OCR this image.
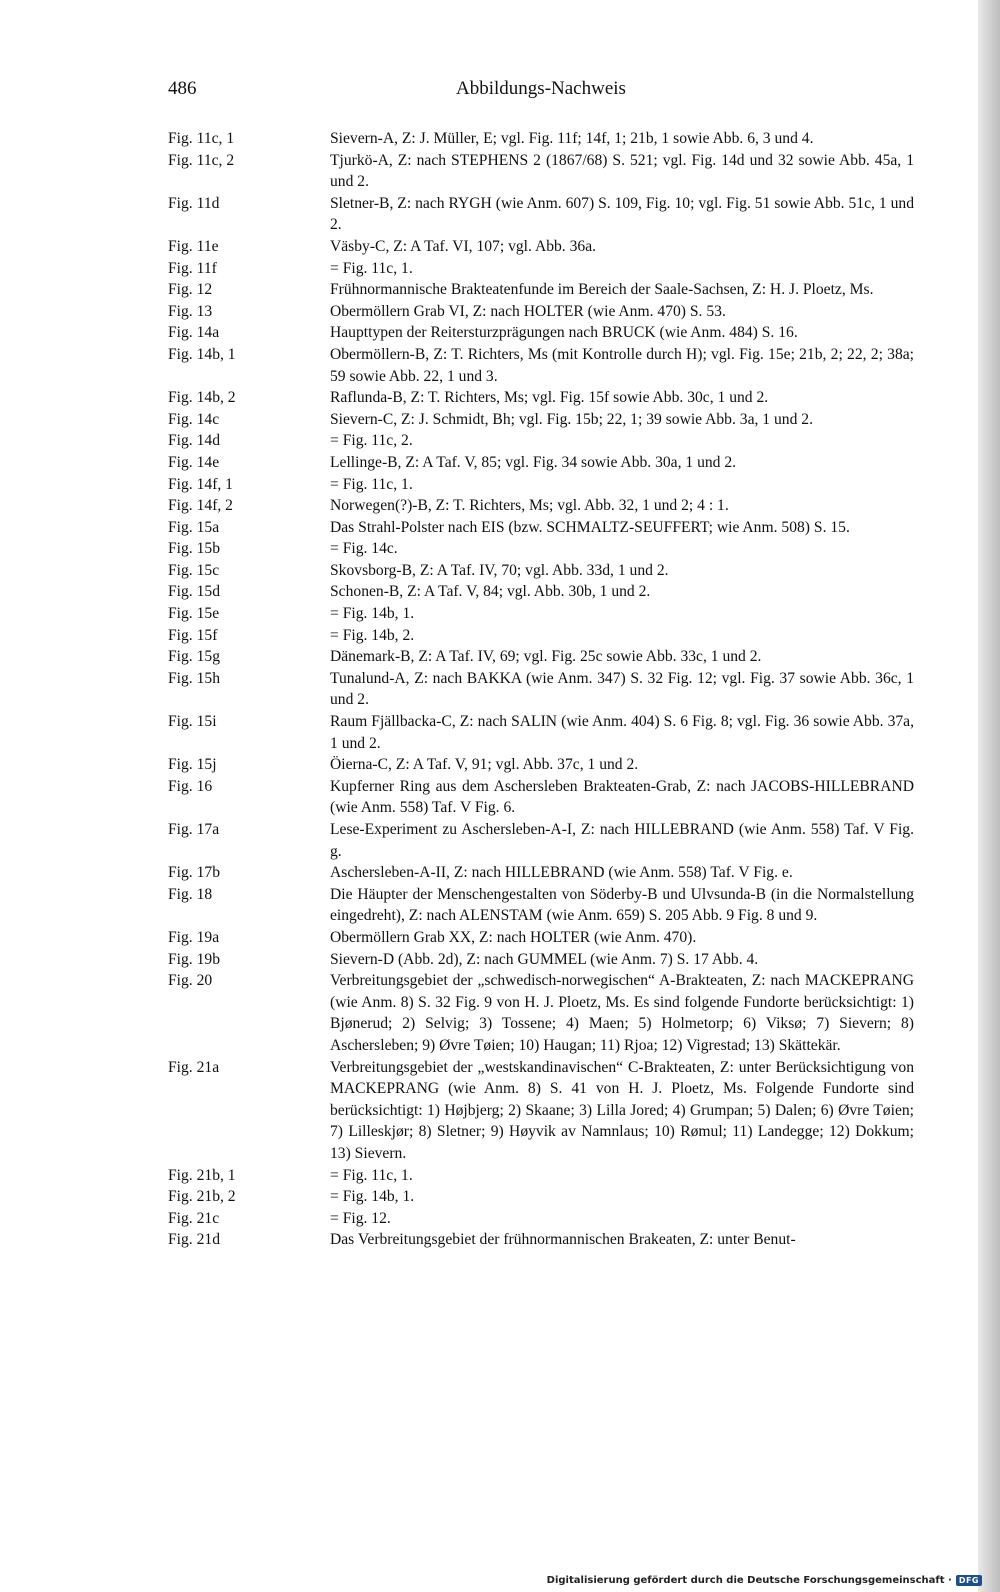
486	Abbildungs-Nachweis
Fig. 11c, 1	Sievern-A, Z: J. Müller, E; vgl. Fig. 11f; 14f, 1; 21b, 1 sowie Abb. 6, 3 und 4.
Fig. 11c, 2	Tjurkö-A, Z: nach STEPHENS 2 (1867/68) S. 521; vgl. Fig. 14d und 32 sowie Abb. 45a, 1 und 2.
Fig. 11d	Sletner-B, Z: nach RYGH (wie Anm. 607) S. 109, Fig. 10; vgl. Fig. 51 sowie Abb. 51c, 1 und 2.
Fig. 11e	Väsby-C, Z: A Taf. VI, 107; vgl. Abb. 36a.
Fig. 11f	= Fig. 11c, 1.
Fig. 12	Frühnormannische Brakteatenfunde im Bereich der Saale-Sachsen, Z: H. J. Ploetz, Ms.
Fig. 13	Obermöllern Grab VI, Z: nach HOLTER (wie Anm. 470) S. 53.
Fig. 14a	Haupttypen der Reitersturzprägungen nach BRUCK (wie Anm. 484) S. 16.
Fig. 14b, 1	Obermöllern-B, Z: T. Richters, Ms (mit Kontrolle durch H); vgl. Fig. 15e; 21b, 2; 22, 2; 38a; 59 sowie Abb. 22, 1 und 3.
Fig. 14b, 2	Raflunda-B, Z: T. Richters, Ms; vgl. Fig. 15f sowie Abb. 30c, 1 und 2.
Fig. 14c	Sievern-C, Z: J. Schmidt, Bh; vgl. Fig. 15b; 22, 1; 39 sowie Abb. 3a, 1 und 2.
Fig. 14d	= Fig. 11c, 2.
Fig. 14e	Lellinge-B, Z: A Taf. V, 85; vgl. Fig. 34 sowie Abb. 30a, 1 und 2.
Fig. 14f, 1	= Fig. 11c, 1.
Fig. 14f, 2	Norwegen(?)-B, Z: T. Richters, Ms; vgl. Abb. 32, 1 und 2; 4 : 1.
Fig. 15a	Das Strahl-Polster nach EIS (bzw. SCHMALTZ-SEUFFERT; wie Anm. 508) S. 15.
Fig. 15b	= Fig. 14c.
Fig. 15c	Skovsborg-B, Z: A Taf. IV, 70; vgl. Abb. 33d, 1 und 2.
Fig. 15d	Schonen-B, Z: A Taf. V, 84; vgl. Abb. 30b, 1 und 2.
Fig. 15e	= Fig. 14b, 1.
Fig. 15f	= Fig. 14b, 2.
Fig. 15g	Dänemark-B, Z: A Taf. IV, 69; vgl. Fig. 25c sowie Abb. 33c, 1 und 2.
Fig. 15h	Tunalund-A, Z: nach BAKKA (wie Anm. 347) S. 32 Fig. 12; vgl. Fig. 37 sowie Abb. 36c, 1 und 2.
Fig. 15i	Raum Fjällbacka-C, Z: nach SALIN (wie Anm. 404) S. 6 Fig. 8; vgl. Fig. 36 sowie Abb. 37a, 1 und 2.
Fig. 15j	Öierna-C, Z: A Taf. V, 91; vgl. Abb. 37c, 1 und 2.
Fig. 16	Kupferner Ring aus dem Aschersleben Brakteaten-Grab, Z: nach JACOBS-HILLEBRAND (wie Anm. 558) Taf. V Fig. 6.
Fig. 17a	Lese-Experiment zu Aschersleben-A-I, Z: nach HILLEBRAND (wie Anm. 558) Taf. V Fig. g.
Fig. 17b	Aschersleben-A-II, Z: nach HILLEBRAND (wie Anm. 558) Taf. V Fig. e.
Fig. 18	Die Häupter der Menschengestalten von Söderby-B und Ulvsunda-B (in die Normalstellung eingedreht), Z: nach ALENSTAM (wie Anm. 659) S. 205 Abb. 9 Fig. 8 und 9.
Fig. 19a	Obermöllern Grab XX, Z: nach HOLTER (wie Anm. 470).
Fig. 19b	Sievern-D (Abb. 2d), Z: nach GUMMEL (wie Anm. 7) S. 17 Abb. 4.
Fig. 20	Verbreitungsgebiet der „schwedisch-norwegischen“ A-Brakteaten, Z: nach MACKEPRANG (wie Anm. 8) S. 32 Fig. 9 von H. J. Ploetz, Ms. Es sind folgende Fundorte berücksichtigt: 1) Bjønerud; 2) Selvig; 3) Tossene; 4) Maen; 5) Holmetorp; 6) Viksø; 7) Sievern; 8) Aschersleben; 9) Øvre Tøien; 10) Haugan; 11) Rjoa; 12) Vigrestad; 13) Skättekär.
Fig. 21a	Verbreitungsgebiet der „westskandinavischen“ C-Brakteaten, Z: unter Berücksichtigung von MACKEPRANG (wie Anm. 8) S. 41 von H. J. Ploetz, Ms. Folgende Fundorte sind berücksichtigt: 1) Højbjerg; 2) Skaane; 3) Lilla Jored; 4) Grumpan; 5) Dalen; 6) Øvre Tøien; 7) Lilleskjør; 8) Sletner; 9) Høyvik av Namnlaus; 10) Rømul; 11) Landegge; 12) Dokkum; 13) Sievern.
Fig. 21b, 1	= Fig. 11c, 1.
Fig. 21b, 2	= Fig. 14b, 1.
Fig. 21c	= Fig. 12.
Fig. 21d	Das Verbreitungsgebiet der frühnormannischen Brakeaten, Z: unter Benut-
Digitalisierung gefördert durch die Deutsche Forschungsgemeinschaft · DFG
